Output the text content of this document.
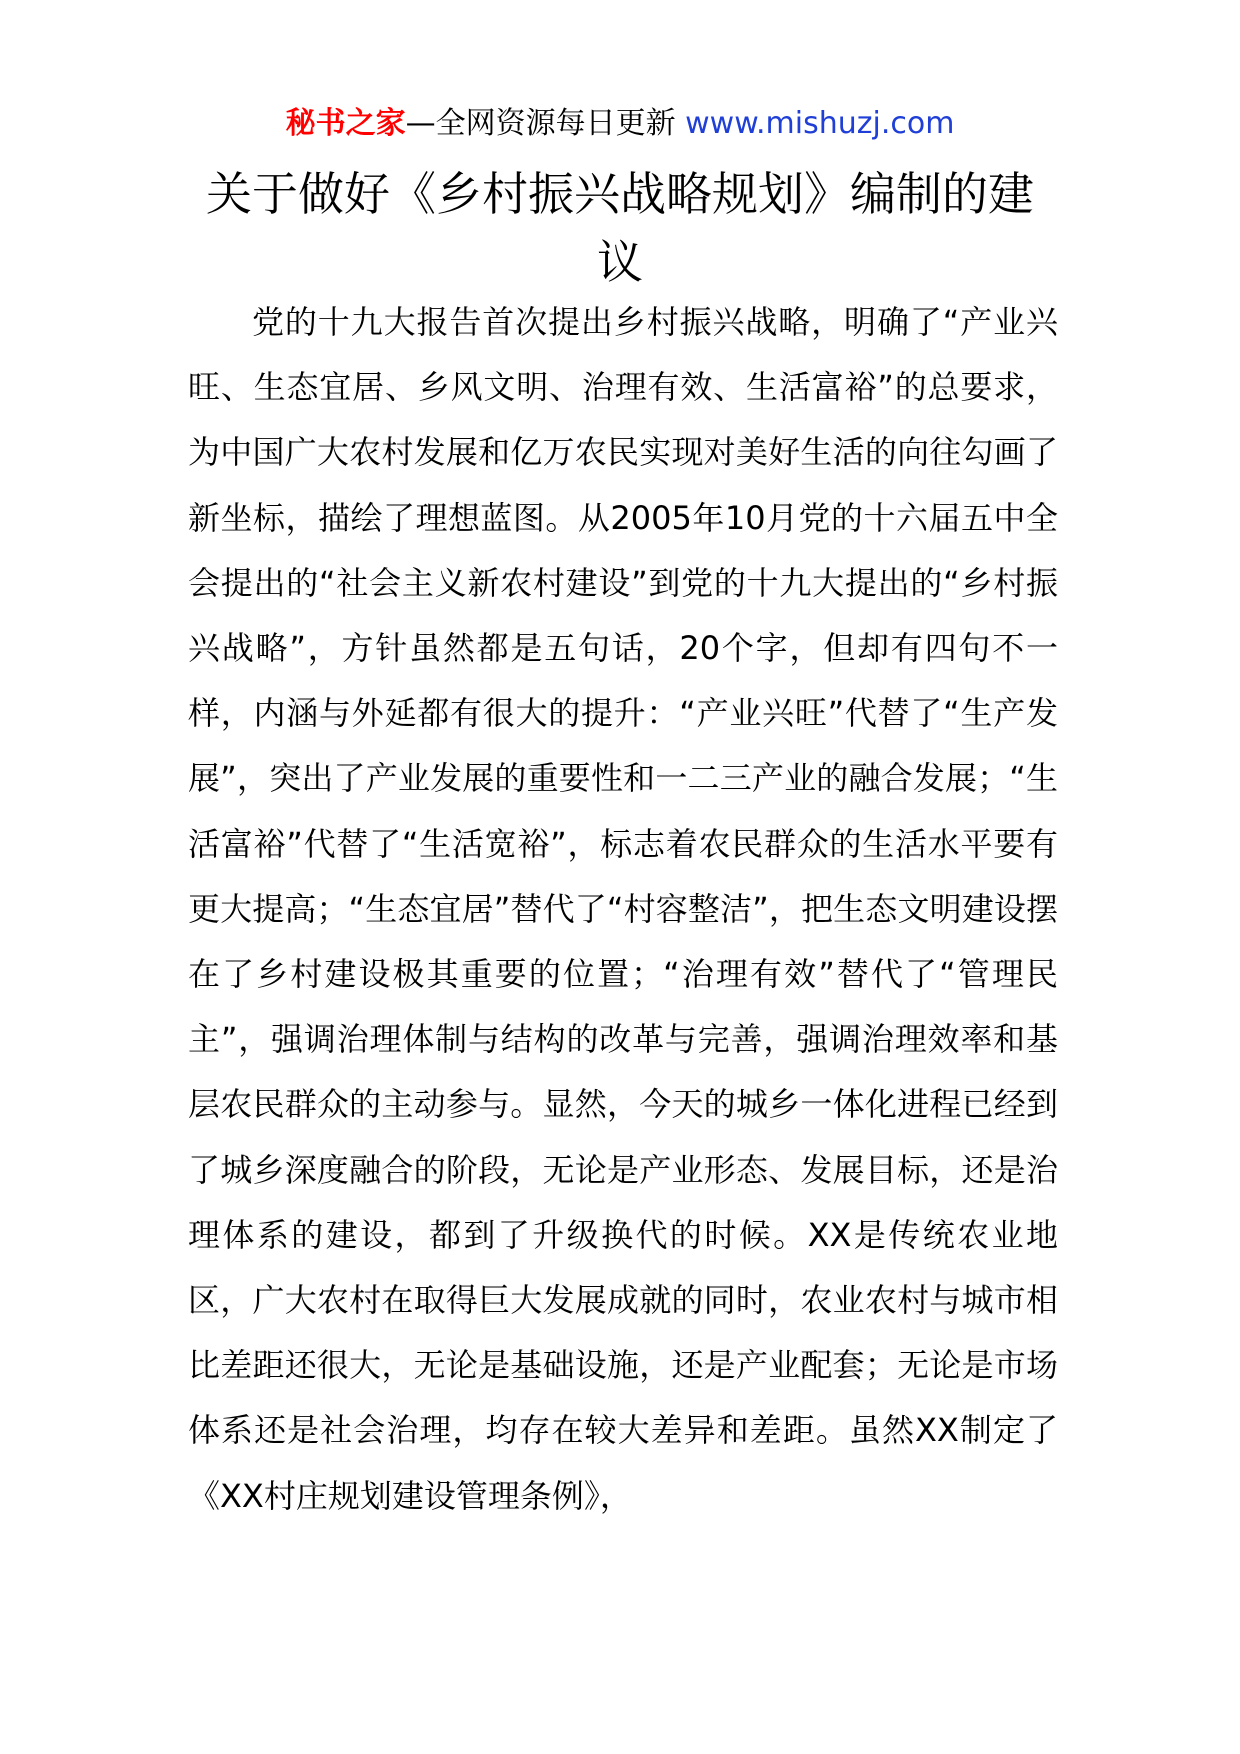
秘书之家—全网资源每日更新 www.mishuzj.com
关于做好《乡村振兴战略规划》编制的建议

党的十九大报告首次提出乡村振兴战略，明确了“产业兴旺、生态宜居、乡风文明、治理有效、生活富裕”的总要求，为中国广大农村发展和亿万农民实现对美好生活的向往勾画了新坐标，描绘了理想蓝图。从2005年10月党的十六届五中全会提出的“社会主义新农村建设”到党的十九大提出的“乡村振兴战略”，方针虽然都是五句话，20个字，但却有四句不一样，内涵与外延都有很大的提升：“产业兴旺”代替了“生产发展”，突出了产业发展的重要性和一二三产业的融合发展；“生活富裕”代替了“生活宽裕”，标志着农民群众的生活水平要有更大提高；“生态宜居”替代了“村容整洁”，把生态文明建设摆在了乡村建设极其重要的位置；“治理有效”替代了“管理民主”，强调治理体制与结构的改革与完善，强调治理效率和基层农民群众的主动参与。显然，今天的城乡一体化进程已经到了城乡深度融合的阶段，无论是产业形态、发展目标，还是治理体系的建设，都到了升级换代的时候。XX是传统农业地区，广大农村在取得巨大发展成就的同时，农业农村与城市相比差距还很大，无论是基础设施，还是产业配套；无论是市场体系还是社会治理，均存在较大差异和差距。虽然XX制定了《XX村庄规划建设管理条例》，
